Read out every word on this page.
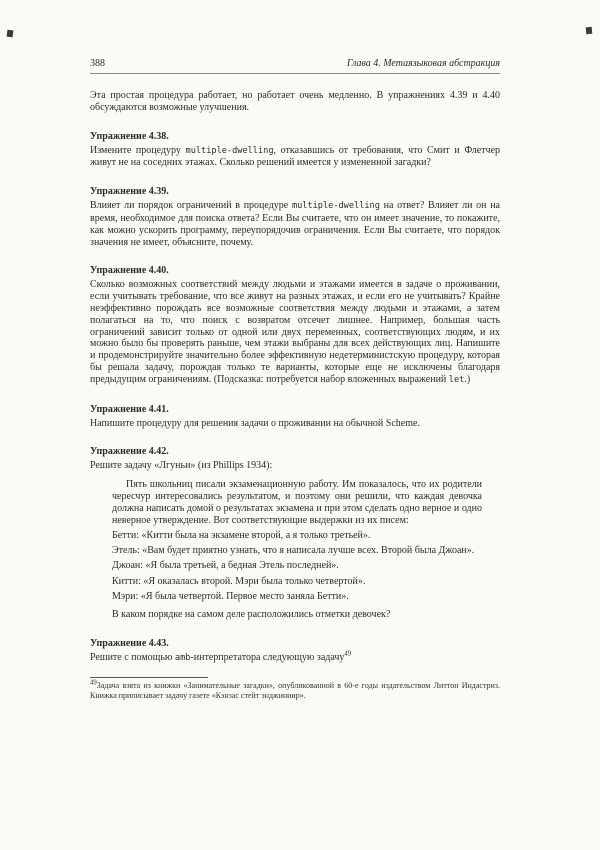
388	Глава 4. Метаязыковая абстракция

Эта простая процедура работает, но работает очень медленно. В упражнениях 4.39 и 4.40 обсуждаются возможные улучшения.

Упражнение 4.38.

Измените процедуру multiple-dwelling, отказавшись от требования, что Смит и Флетчер живут не на соседних этажах. Сколько решений имеется у измененной загадки?

Упражнение 4.39.

Влияет ли порядок ограничений в процедуре multiple-dwelling на ответ? Влияет ли он на время, необходимое для поиска ответа? Если Вы считаете, что он имеет значение, то покажите, как можно ускорить программу, переупорядочив ограничения. Если Вы считаете, что порядок значения не имеет, объясните, почему.

Упражнение 4.40.

Сколько возможных соответствий между людьми и этажами имеется в задаче о проживании, если учитывать требование, что все живут на разных этажах, и если его не учитывать? Крайне неэффективно порождать все возможные соответствия между людьми и этажами, а затем полагаться на то, что поиск с возвратом отсечет лишнее. Например, большая часть ограничений зависит только от одной или двух переменных, соответствующих людям, и их можно было бы проверять раньше, чем этажи выбраны для всех действующих лиц. Напишите и продемонстрируйте значительно более эффективную недетерминистскую процедуру, которая бы решала задачу, порождая только те варианты, которые еще не исключены благодаря предыдущим ограничениям. (Подсказка: потребуется набор вложенных выражений let.)

Упражнение 4.41.

Напишите процедуру для решения задачи о проживании на обычной Scheme.

Упражнение 4.42.

Решите задачу «Лгуньи» (из Phillips 1934):

Пять школьниц писали экзаменационную работу. Им показалось, что их родители чересчур интересовались результатом, и поэтому они решили, что каждая девочка должна написать домой о результатах экзамена и при этом сделать одно верное и одно неверное утверждение. Вот соответствующие выдержки из их писем:

Бетти: «Китти была на экзамене второй, а я только третьей».

Этель: «Вам будет приятно узнать, что я написала лучше всех. Второй была Джоан».

Джоан: «Я была третьей, а бедная Этель последней».

Китти: «Я оказалась второй. Мэри была только четвертой».

Мэри: «Я была четвертой. Первое место заняла Бетти».

В каком порядке на самом деле расположились отметки девочек?

Упражнение 4.43.

Решите с помощью amb-интерпретатора следующую задачу$^{49}$

$^{49}$Задача взята из книжки «Занимательные загадки», опубликованной в 60-е годы издательством Литтон Индастриз. Книжка приписывает задачу газете «Кэнзас стейт энджиниир».
